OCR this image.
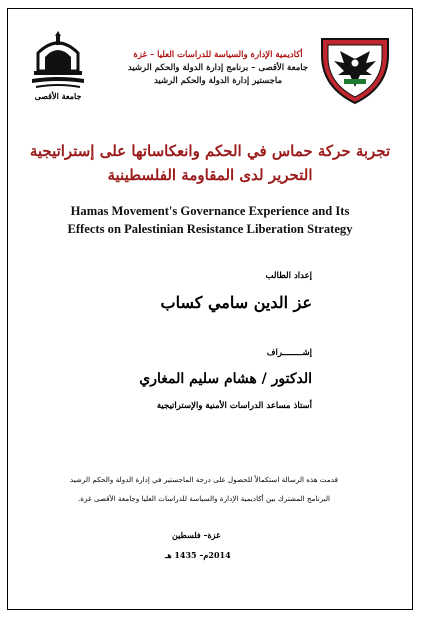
جامعة الأقصى
أكاديمية الإدارة والسياسة للدراسات العليا – غزة
جامعة الأقصى – برنامج إدارة الدولة والحكم الرشيد
ماجستير إدارة الدولة والحكم الرشيد
تجربة حركة حماس في الحكم وانعكاساتها على إستراتيجية
التحرير لدى المقاومة الفلسطينية
Hamas Movement's Governance Experience and Its
Effects on Palestinian Resistance Liberation Strategy
إعداد الطالب
عز الدين سامي كساب
إشــــــــراف
الدكتور / هشام سليم المغاري
أستاذ مساعد الدراسات الأمنية والإستراتيجية
قدمت هذه الرسالة استكمالاً للحصول على درجة الماجستير في إدارة الدولة والحكم الرشيد
البرنامج المشترك بين أكاديمية الإدارة والسياسة للدراسات العليا وجامعة الأقصى غزة.
غزة– فلسطين
2014م– 1435 هـ
